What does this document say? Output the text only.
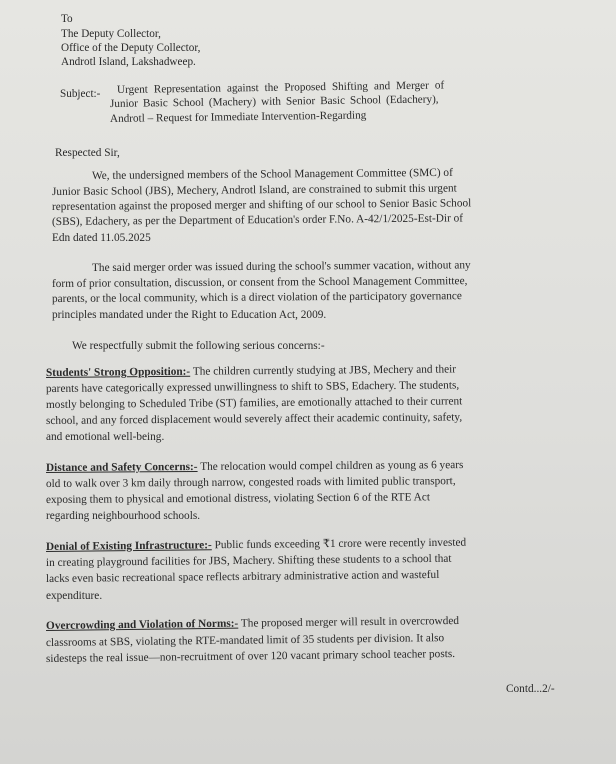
To
The Deputy Collector,
Office of the Deputy Collector,
Androtl Island, Lakshadweep.
Subject:- Urgent Representation against the Proposed Shifting and Merger of
Junior Basic School (Machery) with Senior Basic School (Edachery),
Androtl – Request for Immediate Intervention-Regarding
Respected Sir,
We, the undersigned members of the School Management Committee (SMC) of
Junior Basic School (JBS), Mechery, Androtl Island, are constrained to submit this urgent
representation against the proposed merger and shifting of our school to Senior Basic School
(SBS), Edachery, as per the Department of Education's order F.No. A-42/1/2025-Est-Dir of
Edn dated 11.05.2025
The said merger order was issued during the school's summer vacation, without any
form of prior consultation, discussion, or consent from the School Management Committee,
parents, or the local community, which is a direct violation of the participatory governance
principles mandated under the Right to Education Act, 2009.
We respectfully submit the following serious concerns:-
Students' Strong Opposition:- The children currently studying at JBS, Mechery and their
parents have categorically expressed unwillingness to shift to SBS, Edachery. The students,
mostly belonging to Scheduled Tribe (ST) families, are emotionally attached to their current
school, and any forced displacement would severely affect their academic continuity, safety,
and emotional well-being.
Distance and Safety Concerns:- The relocation would compel children as young as 6 years
old to walk over 3 km daily through narrow, congested roads with limited public transport,
exposing them to physical and emotional distress, violating Section 6 of the RTE Act
regarding neighbourhood schools.
Denial of Existing Infrastructure:- Public funds exceeding ₹1 crore were recently invested
in creating playground facilities for JBS, Machery. Shifting these students to a school that
lacks even basic recreational space reflects arbitrary administrative action and wasteful
expenditure.
Overcrowding and Violation of Norms:- The proposed merger will result in overcrowded
classrooms at SBS, violating the RTE-mandated limit of 35 students per division. It also
sidesteps the real issue—non-recruitment of over 120 vacant primary school teacher posts.
Contd...2/-
